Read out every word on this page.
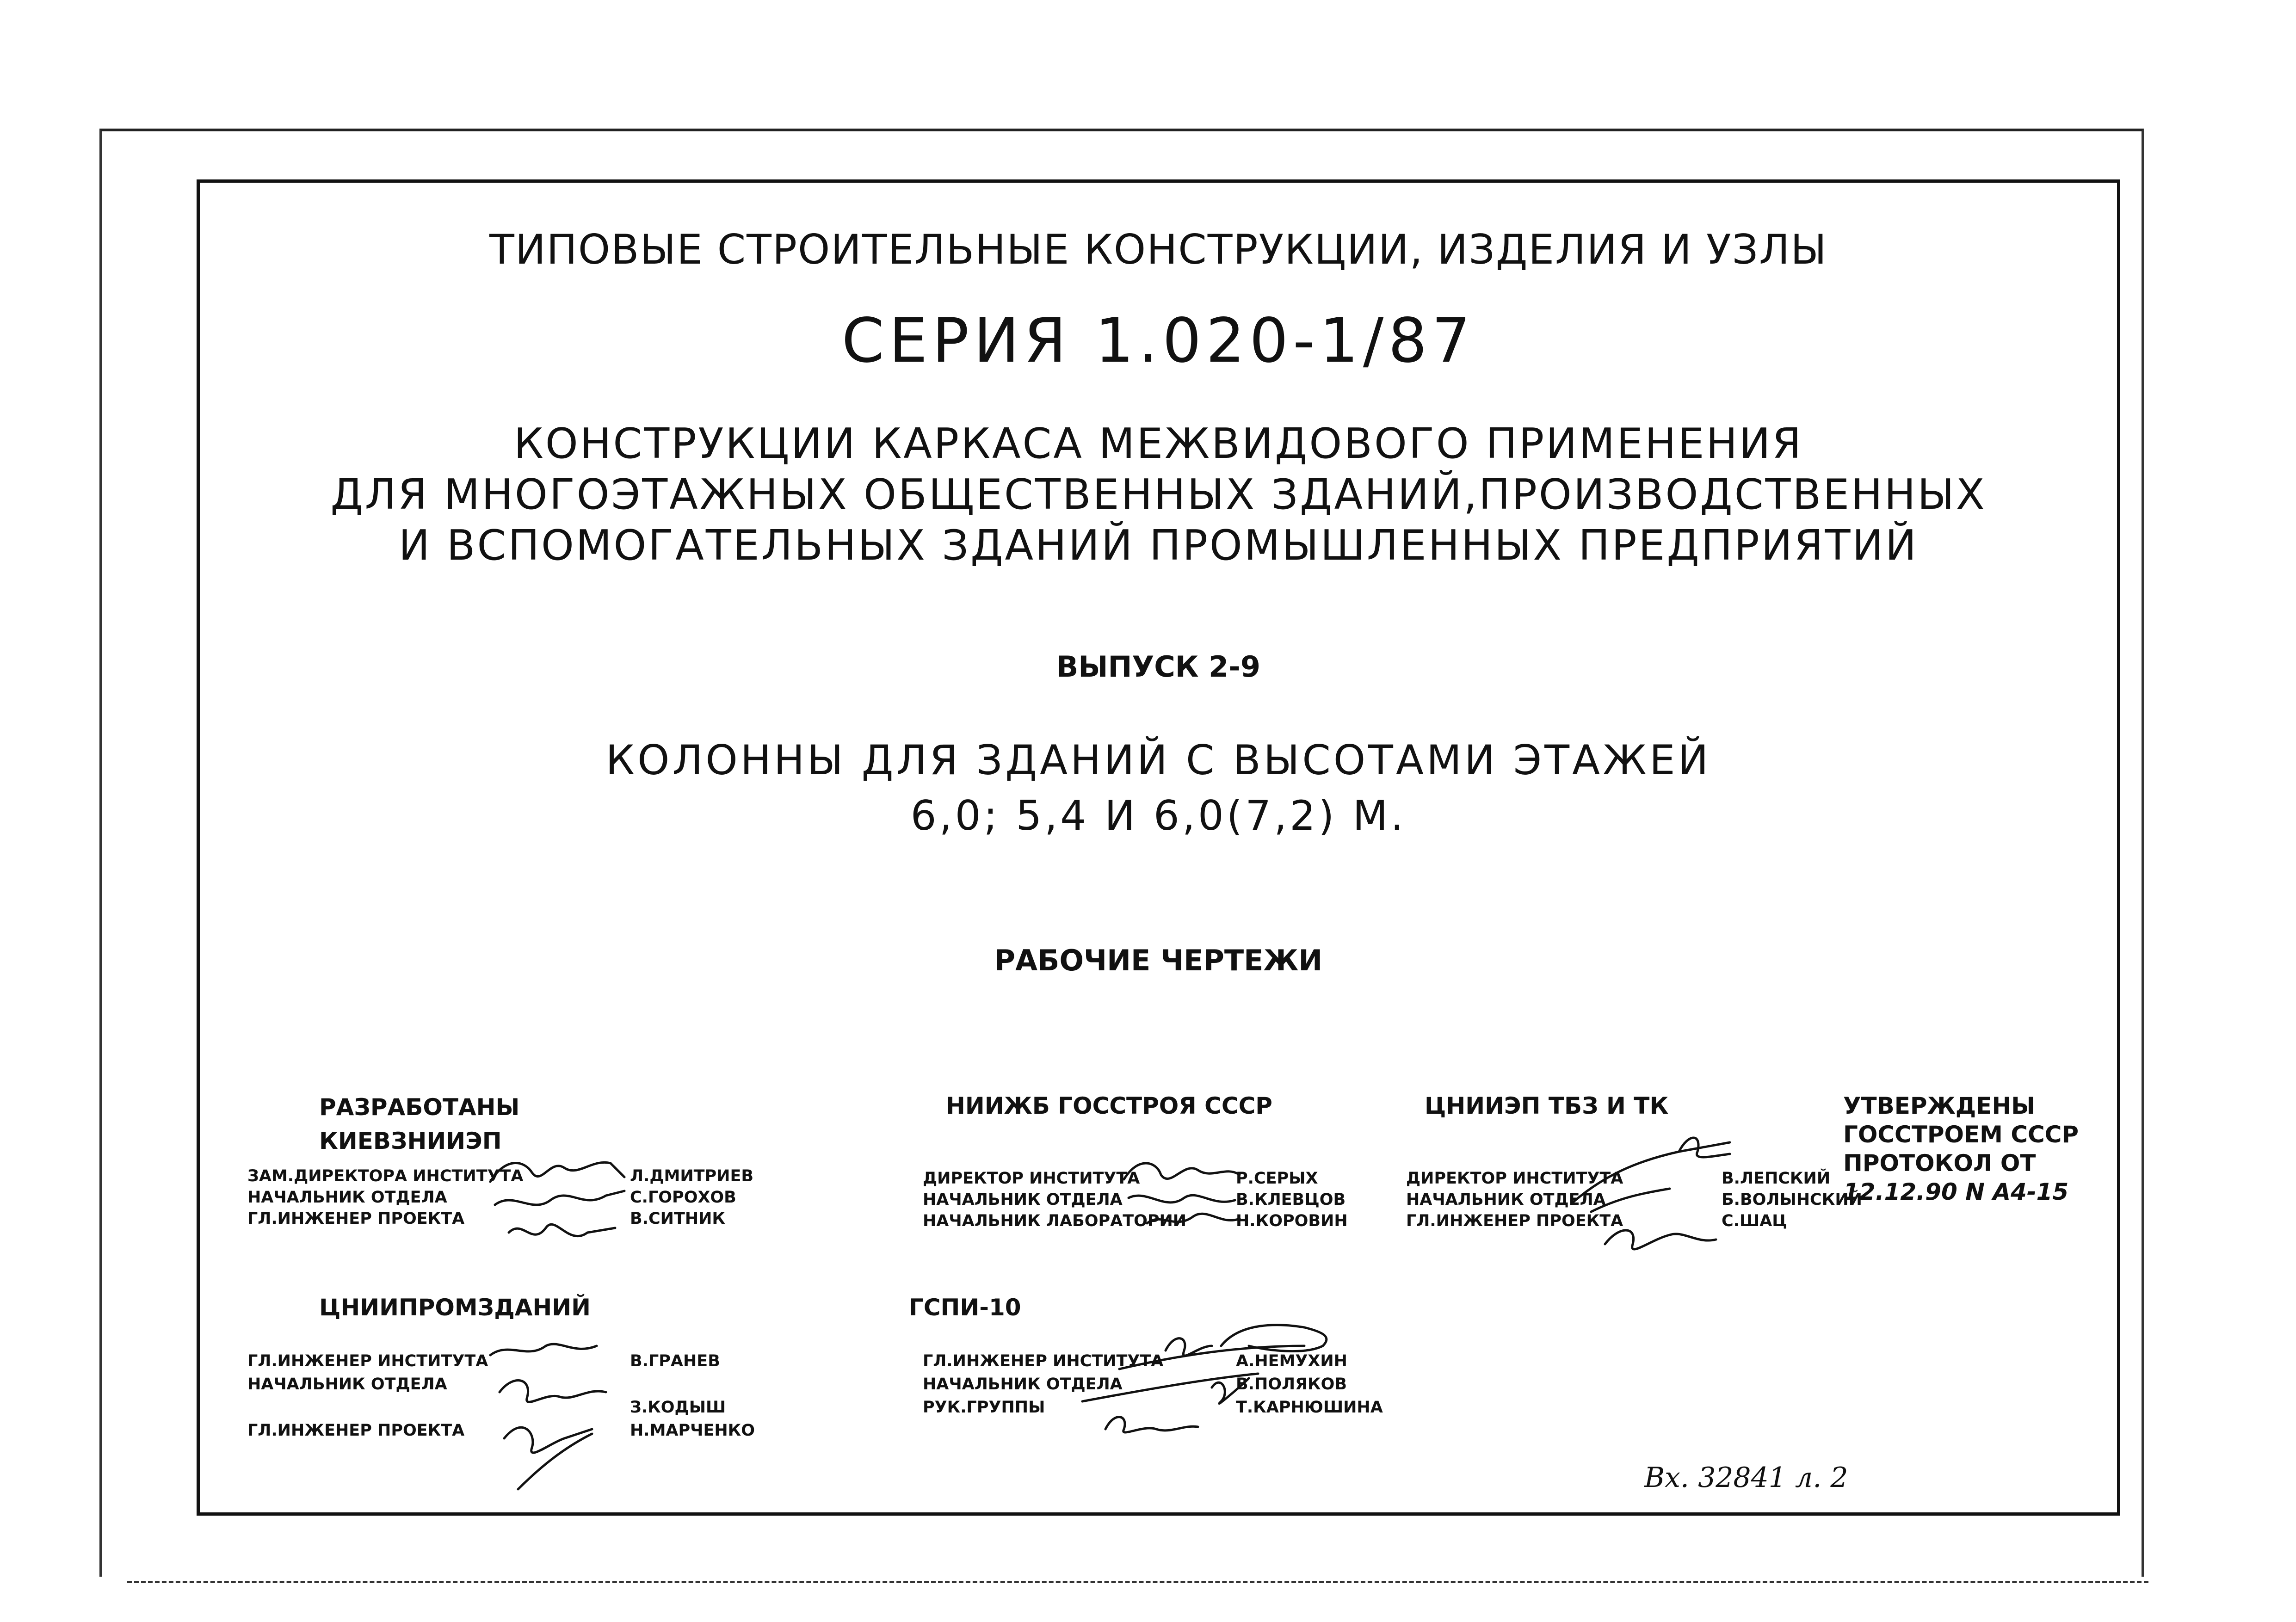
ТИПОВЫЕ СТРОИТЕЛЬНЫЕ КОНСТРУКЦИИ, ИЗДЕЛИЯ И УЗЛЫ
СЕРИЯ 1.020-1/87
КОНСТРУКЦИИ КАРКАСА МЕЖВИДОВОГО ПРИМЕНЕНИЯ
ДЛЯ МНОГОЭТАЖНЫХ ОБЩЕСТВЕННЫХ ЗДАНИЙ,ПРОИЗВОДСТВЕННЫХ
И ВСПОМОГАТЕЛЬНЫХ ЗДАНИЙ ПРОМЫШЛЕННЫХ ПРЕДПРИЯТИЙ
ВЫПУСК 2-9
КОЛОННЫ ДЛЯ ЗДАНИЙ С ВЫСОТАМИ ЭТАЖЕЙ
6,0; 5,4 И 6,0(7,2) М.
РАБОЧИЕ ЧЕРТЕЖИ
РАЗРАБОТАНЫ
КИЕВЗНИИЭП
ЗАМ.ДИРЕКТОРА ИНСТИТУТА
НАЧАЛЬНИК ОТДЕЛА
ГЛ.ИНЖЕНЕР ПРОЕКТА
Л.ДМИТРИЕВ
С.ГОРОХОВ
В.СИТНИК
НИИЖБ ГОССТРОЯ СССР
ДИРЕКТОР ИНСТИТУТА
НАЧАЛЬНИК ОТДЕЛА
НАЧАЛЬНИК ЛАБОРАТОРИИ
Р.СЕРЫХ
В.КЛЕВЦОВ
Н.КОРОВИН
ЦНИИЭП ТБЗ И ТК
ДИРЕКТОР ИНСТИТУТА
НАЧАЛЬНИК ОТДЕЛА
ГЛ.ИНЖЕНЕР ПРОЕКТА
В.ЛЕПСКИЙ
Б.ВОЛЫНСКИЙ
С.ШАЦ
УТВЕРЖДЕНЫ
ГОССТРОЕМ СССР
ПРОТОКОЛ ОТ
12.12.90 N А4-15
ЦНИИПРОМЗДАНИЙ
ГЛ.ИНЖЕНЕР ИНСТИТУТА
НАЧАЛЬНИК ОТДЕЛА
ГЛ.ИНЖЕНЕР ПРОЕКТА
В.ГРАНЕВ
З.КОДЫШ
Н.МАРЧЕНКО
ГСПИ-10
ГЛ.ИНЖЕНЕР ИНСТИТУТА
НАЧАЛЬНИК ОТДЕЛА
РУК.ГРУППЫ
А.НЕМУХИН
В.ПОЛЯКОВ
Т.КАРНЮШИНА
Вх. 32841 л. 2
